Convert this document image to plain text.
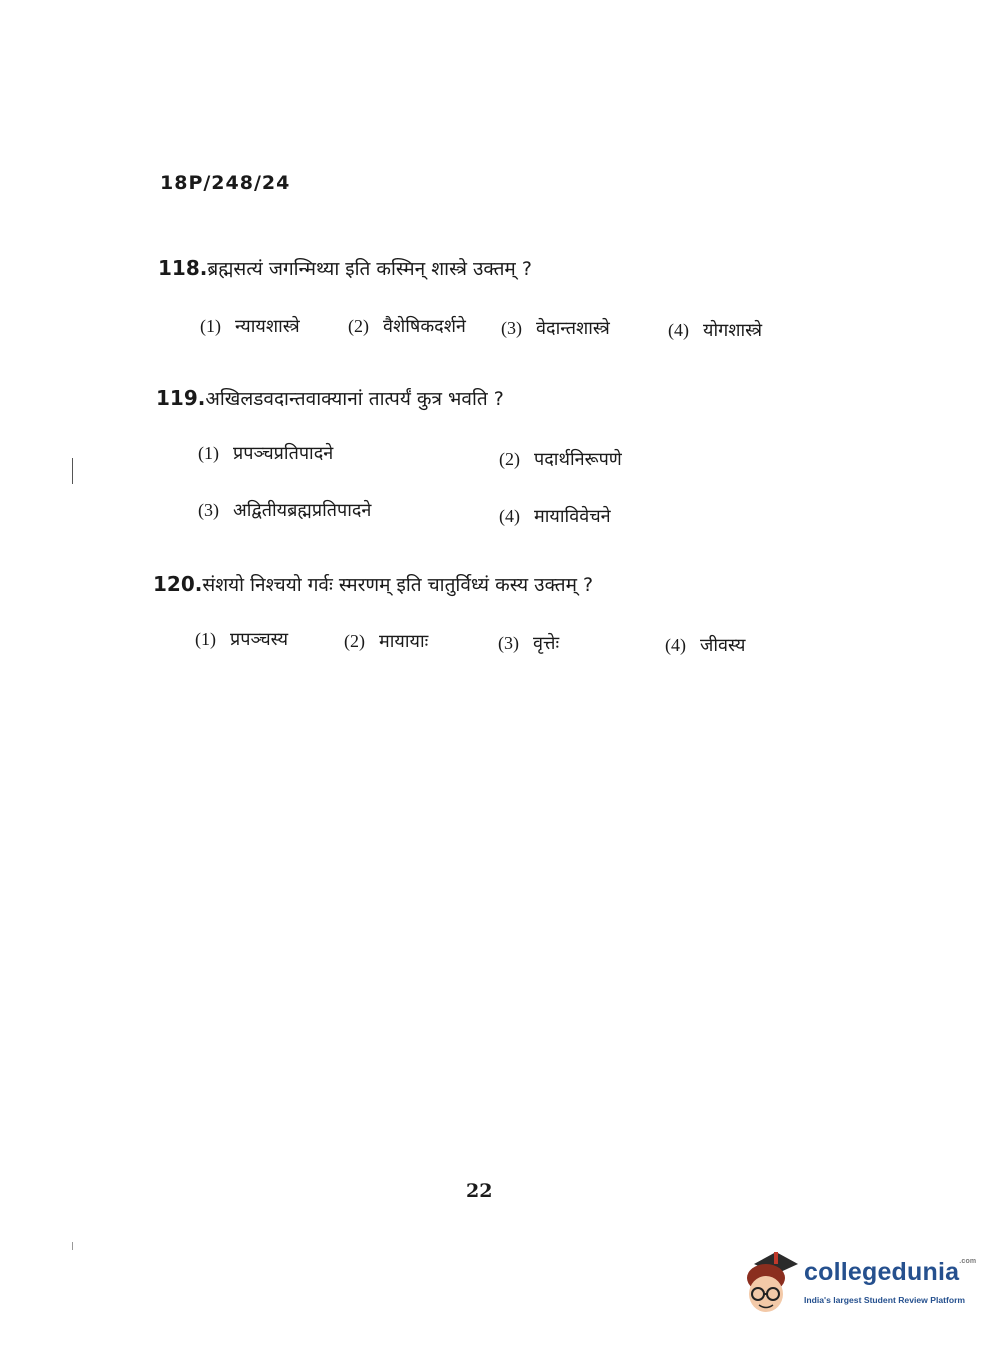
18P/248/24
118.ब्रह्मसत्यं जगन्मिथ्या इति कस्मिन् शास्त्रे उक्तम् ?
(1) न्यायशास्त्रे	(2) वैशेषिकदर्शने (3) वेदान्तशास्त्रे	(4) योगशास्त्रे
119.अखिलडवदान्तवाक्यानां तात्पर्यं कुत्र भवति ?
(1) प्रपञ्चप्रतिपादने	(2) पदार्थनिरूपणे
(3) अद्वितीयब्रह्मप्रतिपादने	(4) मायाविवेचने
120.संशयो निश्चयो गर्वः स्मरणम् इति चातुर्विध्यं कस्य उक्तम् ?
(1) प्रपञ्चस्य	(2) मायायाः	(3) वृत्तेः	(4) जीवस्य
22
collegedunia$^{.com}$
India's largest Student Review Platform
